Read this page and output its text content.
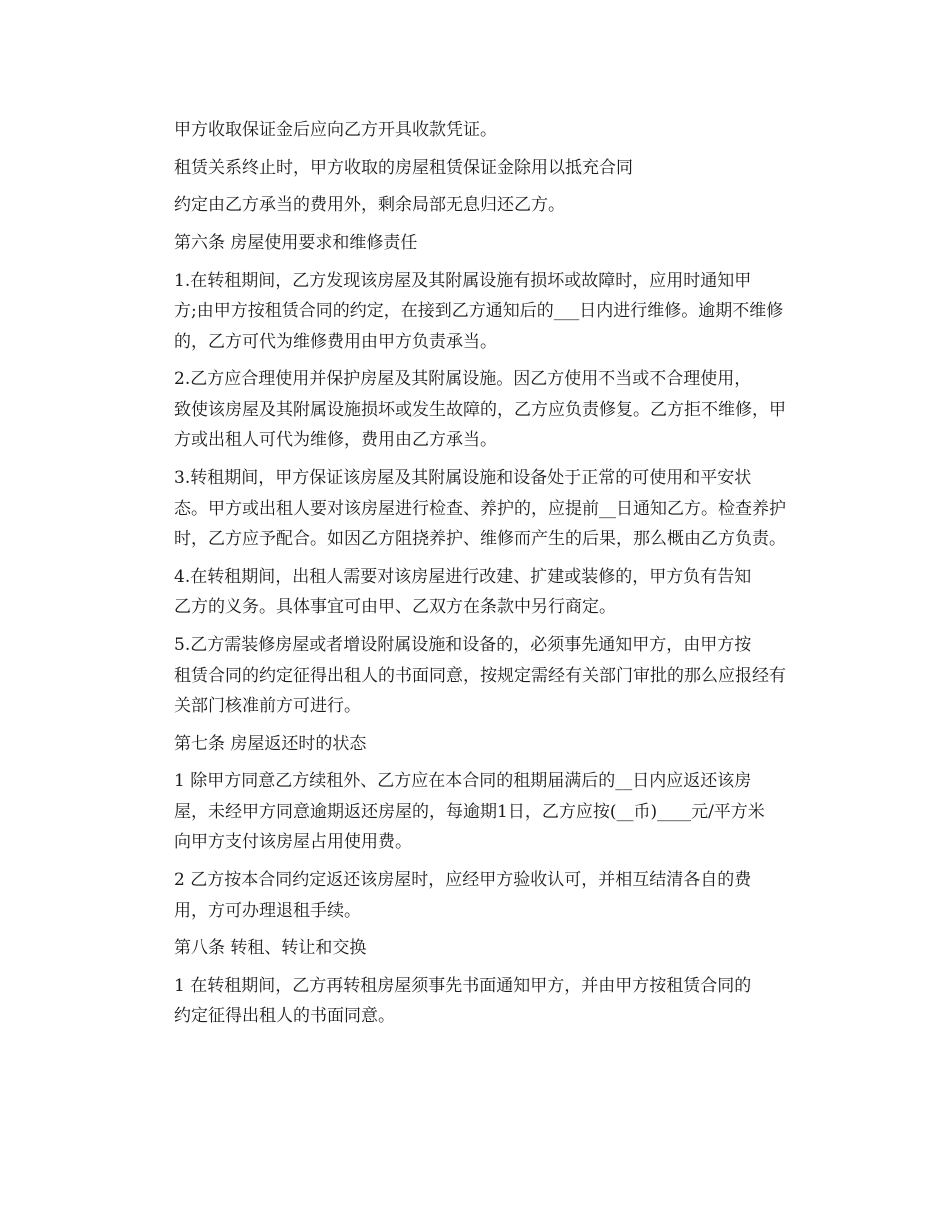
甲方收取保证金后应向乙方开具收款凭证。

租赁关系终止时，甲方收取的房屋租赁保证金除用以抵充合同

约定由乙方承当的费用外，剩余局部无息归还乙方。

第六条 房屋使用要求和维修责任

1.在转租期间，乙方发现该房屋及其附属设施有损坏或故障时，应用时通知甲
方;由甲方按租赁合同的约定，在接到乙方通知后的___日内进行维修。逾期不维修
的，乙方可代为维修费用由甲方负责承当。

2.乙方应合理使用并保护房屋及其附属设施。因乙方使用不当或不合理使用，
致使该房屋及其附属设施损坏或发生故障的，乙方应负责修复。乙方拒不维修，甲
方或出租人可代为维修，费用由乙方承当。

3.转租期间，甲方保证该房屋及其附属设施和设备处于正常的可使用和平安状
态。甲方或出租人要对该房屋进行检查、养护的，应提前__日通知乙方。检查养护
时，乙方应予配合。如因乙方阻挠养护、维修而产生的后果，那么概由乙方负责。

4.在转租期间，出租人需要对该房屋进行改建、扩建或装修的，甲方负有告知
乙方的义务。具体事宜可由甲、乙双方在条款中另行商定。

5.乙方需装修房屋或者增设附属设施和设备的，必须事先通知甲方，由甲方按
租赁合同的约定征得出租人的书面同意，按规定需经有关部门审批的那么应报经有
关部门核准前方可进行。

第七条 房屋返还时的状态

1 除甲方同意乙方续租外、乙方应在本合同的租期届满后的__日内应返还该房
屋，未经甲方同意逾期返还房屋的，每逾期1日，乙方应按(__币)____元/平方米
向甲方支付该房屋占用使用费。

2 乙方按本合同约定返还该房屋时，应经甲方验收认可，并相互结清各自的费
用，方可办理退租手续。

第八条 转租、转让和交换

1 在转租期间，乙方再转租房屋须事先书面通知甲方，并由甲方按租赁合同的
约定征得出租人的书面同意。
